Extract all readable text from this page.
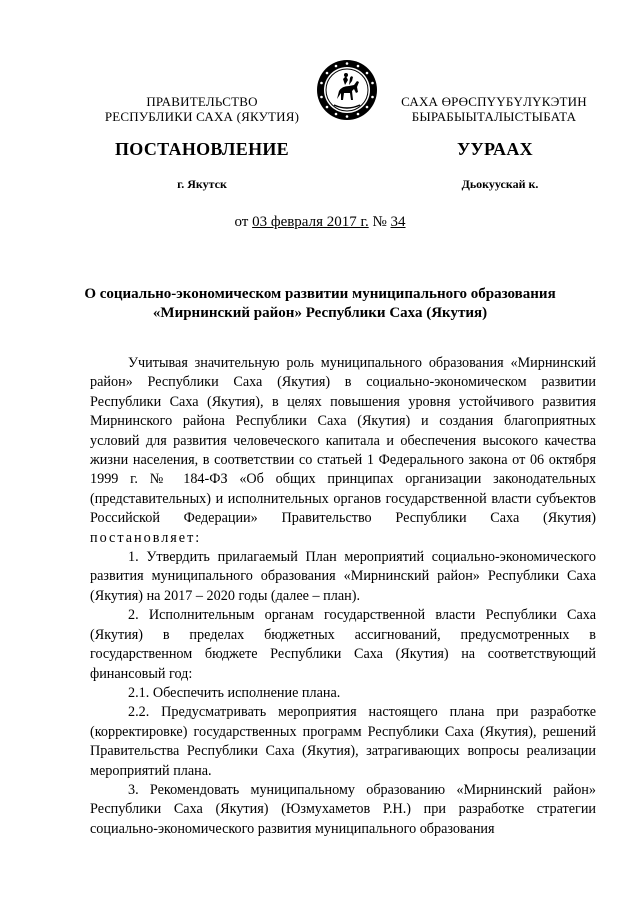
ПРАВИТЕЛЬСТВО
РЕСПУБЛИКИ САХА (ЯКУТИЯ)
САХА ӨРӨСПҮҮБҮЛҮКЭТИН
БЫРАБЫЫТАЛЫСТЫБАТА
ПОСТАНОВЛЕНИЕ	УУРААХ
г. Якутск	Дьокуускай к.
от 03 февраля 2017 г. № 34
О социально-экономическом развитии муниципального образования
«Мирнинский район» Республики Саха (Якутия)

Учитывая значительную роль муниципального образования «Мирнинский район» Республики Саха (Якутия) в социально-экономическом развитии Республики Саха (Якутия), в целях повышения уровня устойчивого развития Мирнинского района Республики Саха (Якутия) и создания благоприятных условий для развития человеческого капитала и обеспечения высокого качества жизни населения, в соответствии со статьей 1 Федерального закона от 06 октября 1999 г. № 184-ФЗ «Об общих принципах организации законодательных (представительных) и исполнительных органов государственной власти субъектов Российской Федерации» Правительство Республики Саха (Якутия) постановляет:

1. Утвердить прилагаемый План мероприятий социально-экономического развития муниципального образования «Мирнинский район» Республики Саха (Якутия) на 2017 – 2020 годы (далее – план).

2. Исполнительным органам государственной власти Республики Саха (Якутия) в пределах бюджетных ассигнований, предусмотренных в государственном бюджете Республики Саха (Якутия) на соответствующий финансовый год:

2.1. Обеспечить исполнение плана.

2.2. Предусматривать мероприятия настоящего плана при разработке (корректировке) государственных программ Республики Саха (Якутия), решений Правительства Республики Саха (Якутия), затрагивающих вопросы реализации мероприятий плана.

3. Рекомендовать муниципальному образованию «Мирнинский район» Республики Саха (Якутия) (Юзмухаметов Р.Н.) при разработке стратегии социально-экономического развития муниципального образования
